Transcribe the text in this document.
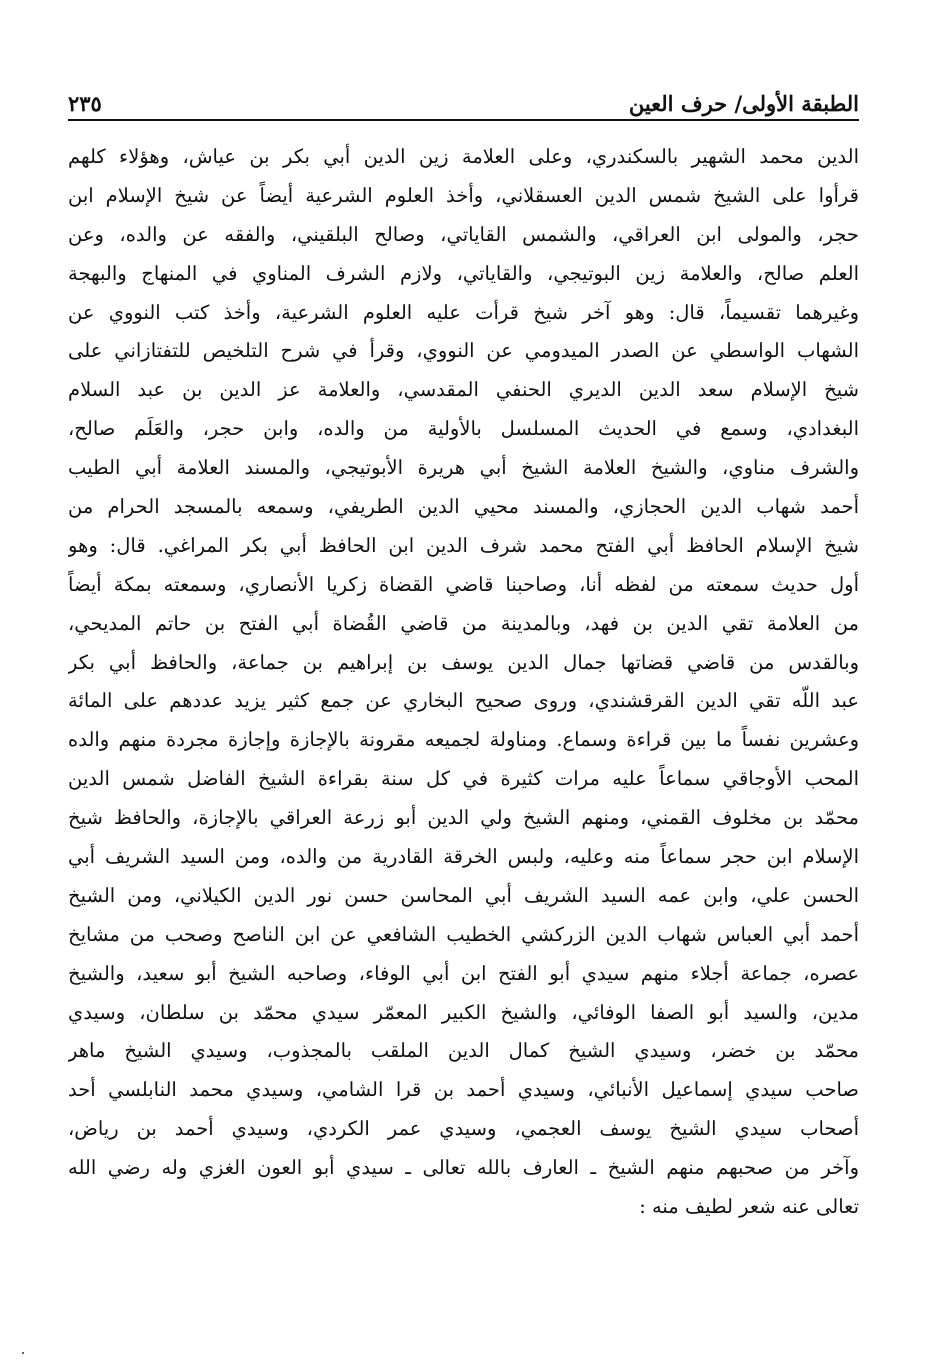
الطبقة الأولى/ حرف العين
٢٣٥
الدين محمد الشهير بالسكندري، وعلى العلامة زين الدين أبي بكر بن عياش، وهؤلاء كلهم
قرأوا على الشيخ شمس الدين العسقلاني، وأخذ العلوم الشرعية أيضاً عن شيخ الإسلام ابن
حجر، والمولى ابن العراقي، والشمس القاياتي، وصالح البلقيني، والفقه عن والده، وعن
العلم صالح، والعلامة زين البوتيجي، والقاياتي، ولازم الشرف المناوي في المنهاج والبهجة
وغيرهما تقسيماً، قال: وهو آخر شيخ قرأت عليه العلوم الشرعية، وأخذ كتب النووي عن
الشهاب الواسطي عن الصدر الميدومي عن النووي، وقرأ في شرح التلخيص للتفتازاني على
شيخ الإسلام سعد الدين الديري الحنفي المقدسي، والعلامة عز الدين بن عبد السلام
البغدادي، وسمع في الحديث المسلسل بالأولية من والده، وابن حجر، والعَلَم صالح،
والشرف مناوي، والشيخ العلامة الشيخ أبي هريرة الأبوتيجي، والمسند العلامة أبي الطيب
أحمد شهاب الدين الحجازي، والمسند محيي الدين الطريفي، وسمعه بالمسجد الحرام من
شيخ الإسلام الحافظ أبي الفتح محمد شرف الدين ابن الحافظ أبي بكر المراغي. قال: وهو
أول حديث سمعته من لفظه أنا، وصاحبنا قاضي القضاة زكريا الأنصاري، وسمعته بمكة أيضاً
من العلامة تقي الدين بن فهد، وبالمدينة من قاضي القُضاة أبي الفتح بن حاتم المديحي،
وبالقدس من قاضي قضاتها جمال الدين يوسف بن إبراهيم بن جماعة، والحافظ أبي بكر
عبد اللّه تقي الدين القرقشندي، وروى صحيح البخاري عن جمع كثير يزيد عددهم على المائة
وعشرين نفساً ما بين قراءة وسماع. ومناولة لجميعه مقرونة بالإجازة وإجازة مجردة منهم والده
المحب الأوجاقي سماعاً عليه مرات كثيرة في كل سنة بقراءة الشيخ الفاضل شمس الدين
محمّد بن مخلوف القمني، ومنهم الشيخ ولي الدين أبو زرعة العراقي بالإجازة، والحافظ شيخ
الإسلام ابن حجر سماعاً منه وعليه، ولبس الخرقة القادرية من والده، ومن السيد الشريف أبي
الحسن علي، وابن عمه السيد الشريف أبي المحاسن حسن نور الدين الكيلاني، ومن الشيخ
أحمد أبي العباس شهاب الدين الزركشي الخطيب الشافعي عن ابن الناصح وصحب من مشايخ
عصره، جماعة أجلاء منهم سيدي أبو الفتح ابن أبي الوفاء، وصاحبه الشيخ أبو سعيد، والشيخ
مدين، والسيد أبو الصفا الوفائي، والشيخ الكبير المعمّر سيدي محمّد بن سلطان، وسيدي
محمّد بن خضر، وسيدي الشيخ كمال الدين الملقب بالمجذوب، وسيدي الشيخ ماهر
صاحب سيدي إسماعيل الأنبائي، وسيدي أحمد بن قرا الشامي، وسيدي محمد النابلسي أحد
أصحاب سيدي الشيخ يوسف العجمي، وسيدي عمر الكردي، وسيدي أحمد بن رياض،
وآخر من صحبهم منهم الشيخ ـ العارف بالله تعالى ـ سيدي أبو العون الغزي وله رضي الله
تعالى عنه شعر لطيف منه :
